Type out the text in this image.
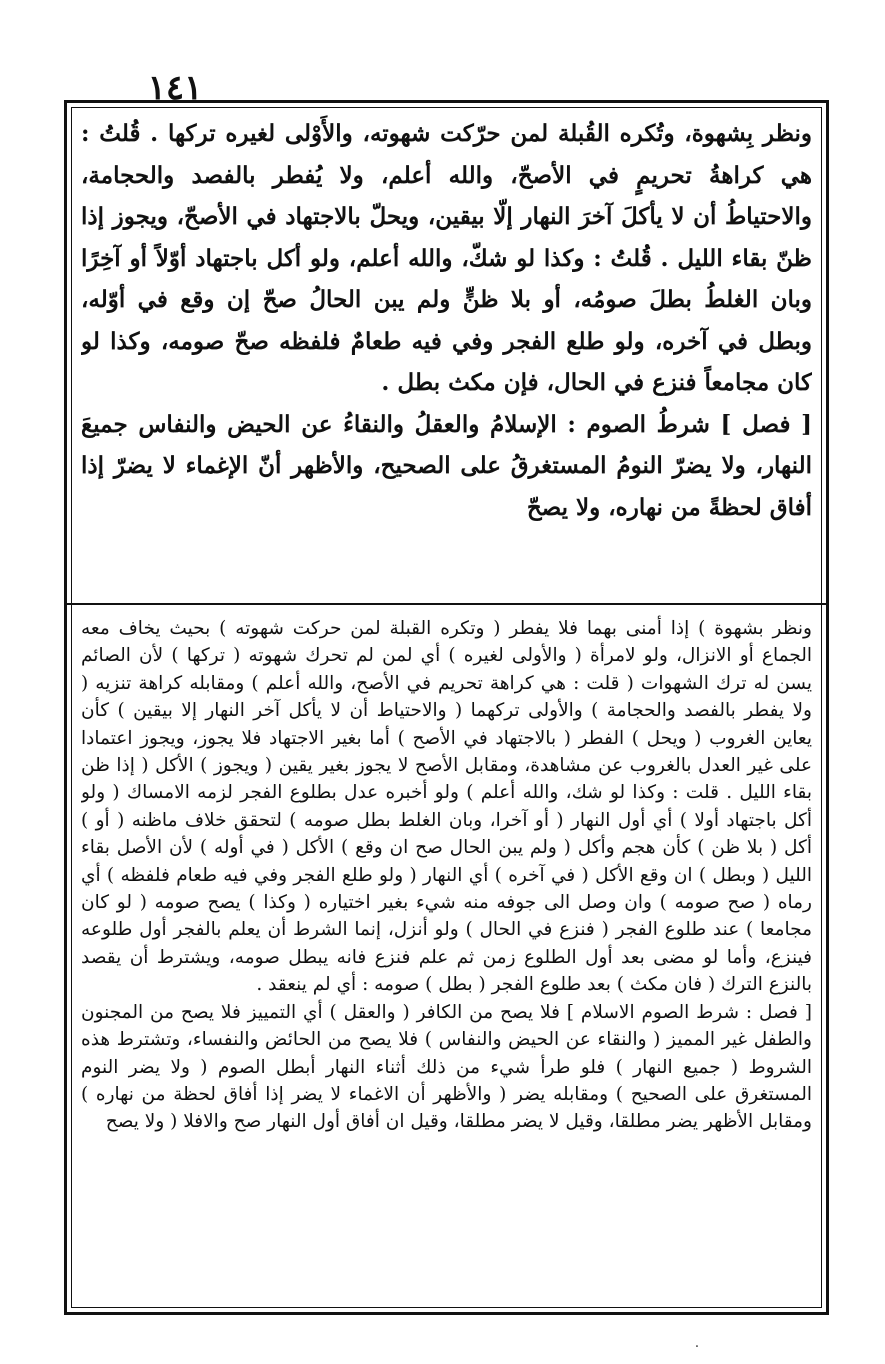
١٤١

ونظر بِشهوة، وتُكره القُبلة لمن حرّكت شهوته، والأَوْلى لغيره تركها . قُلتُ : هي كراهةُ تحريمٍ في الأصحّ، والله أعلم، ولا يُفطر بالفصد والحجامة، والاحتياطُ أن لا يأكلَ آخرَ النهار إلّا بيقين، ويحلّ بالاجتهاد في الأصحّ، ويجوز إذا ظنّ بقاء الليل . قُلتُ : وكذا لو شكّ، والله أعلم، ولو أكل باجتهاد أوّلاً أو آخِرًا وبان الغلطُ بطلَ صومُه، أو بلا ظنٍّ ولم يبن الحالُ صحّ إن وقع في أوّله، وبطل في آخره، ولو طلع الفجر وفي فيه طعامٌ فلفظه صحّ صومه، وكذا لو كان مجامعاً فنزع في الحال، فإن مكث بطل .

[ فصل ] شرطُ الصوم : الإسلامُ والعقلُ والنقاءُ عن الحيض والنفاس جميعَ النهار، ولا يضرّ النومُ المستغرقُ على الصحيح، والأظهر أنّ الإغماء لا يضرّ إذا أفاق لحظةً من نهاره، ولا يصحّ

ونظر بشهوة ) إذا أمنى بهما فلا يفطر ( وتكره القبلة لمن حركت شهوته ) بحيث يخاف معه الجماع أو الانزال، ولو لامرأة ( والأولى لغيره ) أي لمن لم تحرك شهوته ( تركها ) لأن الصائم يسن له ترك الشهوات ( قلت : هي كراهة تحريم في الأصح، والله أعلم ) ومقابله كراهة تنزيه ( ولا يفطر بالفصد والحجامة ) والأولى تركهما ( والاحتياط أن لا يأكل آخر النهار إلا بيقين ) كأن يعاين الغروب ( ويحل ) الفطر ( بالاجتهاد في الأصح ) أما بغير الاجتهاد فلا يجوز، ويجوز اعتمادا على غير العدل بالغروب عن مشاهدة، ومقابل الأصح لا يجوز بغير يقين ( ويجوز ) الأكل ( إذا ظن بقاء الليل . قلت : وكذا لو شك، والله أعلم ) ولو أخبره عدل بطلوع الفجر لزمه الامساك ( ولو أكل باجتهاد أولا ) أي أول النهار ( أو آخرا، وبان الغلط بطل صومه ) لتحقق خلاف ماظنه ( أو ) أكل ( بلا ظن ) كأن هجم وأكل ( ولم يبن الحال صح ان وقع ) الأكل ( في أوله ) لأن الأصل بقاء الليل ( وبطل ) ان وقع الأكل ( في آخره ) أي النهار ( ولو طلع الفجر وفي فيه طعام فلفظه ) أي رماه ( صح صومه ) وان وصل الى جوفه منه شيء بغير اختياره ( وكذا ) يصح صومه ( لو كان مجامعا ) عند طلوع الفجر ( فنزع في الحال ) ولو أنزل، إنما الشرط أن يعلم بالفجر أول طلوعه فينزع، وأما لو مضى بعد أول الطلوع زمن ثم علم فنزع فانه يبطل صومه، ويشترط أن يقصد بالنزع الترك ( فان مكث ) بعد طلوع الفجر ( بطل ) صومه : أي لم ينعقد .

[ فصل : شرط الصوم الاسلام ] فلا يصح من الكافر ( والعقل ) أي التمييز فلا يصح من المجنون والطفل غير المميز ( والنقاء عن الحيض والنفاس ) فلا يصح من الحائض والنفساء، وتشترط هذه الشروط ( جميع النهار ) فلو طرأ شيء من ذلك أثناء النهار أبطل الصوم ( ولا يضر النوم المستغرق على الصحيح ) ومقابله يضر ( والأظهر أن الاغماء لا يضر إذا أفاق لحظة من نهاره ) ومقابل الأظهر يضر مطلقا، وقيل لا يضر مطلقا، وقيل ان أفاق أول النهار صح والافلا ( ولا يصح

·
